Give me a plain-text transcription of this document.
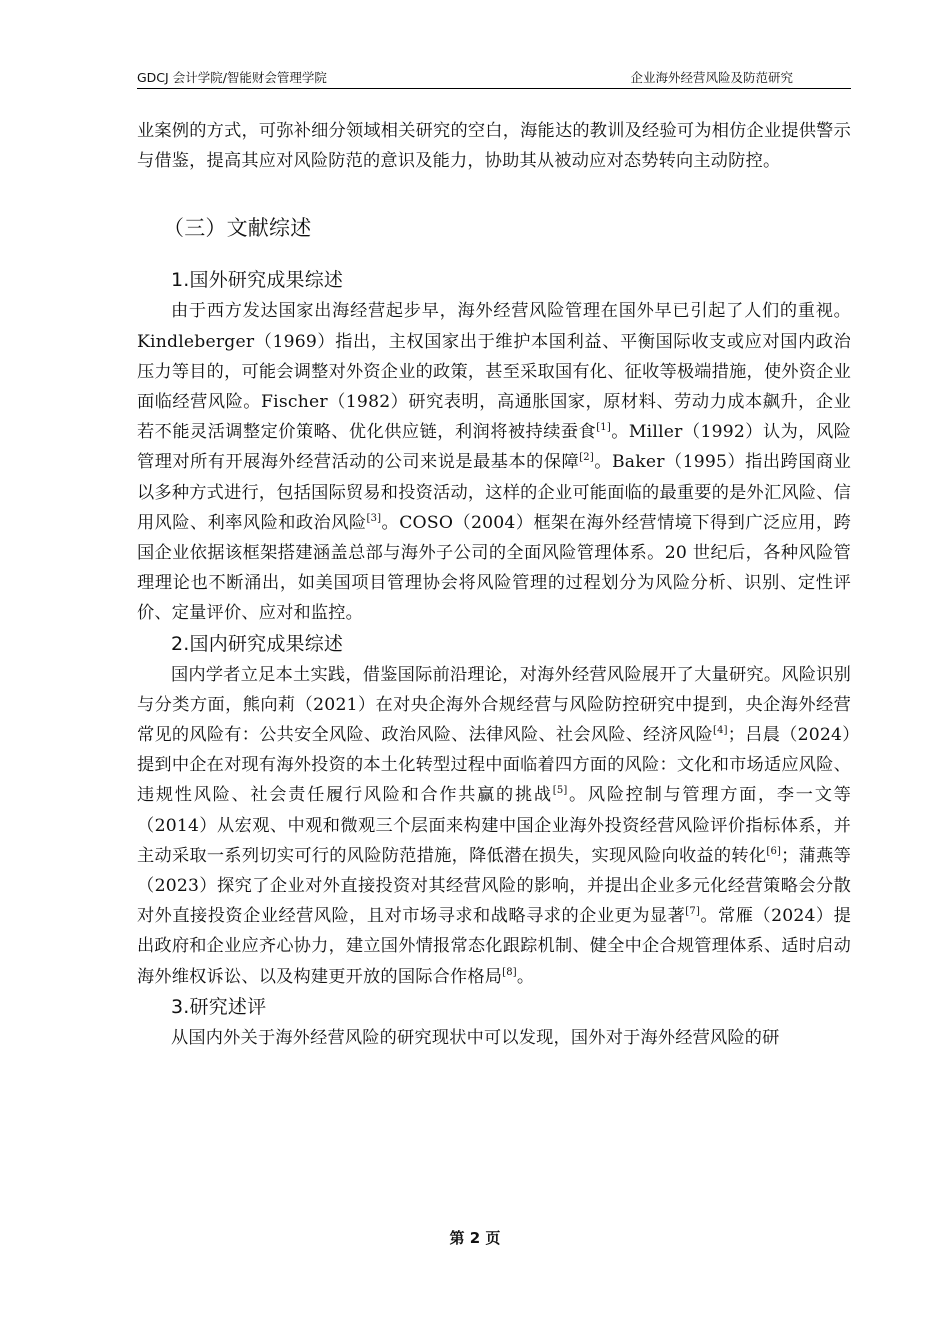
GDCJ 会计学院/智能财会管理学院	企业海外经营风险及防范研究

业案例的方式，可弥补细分领域相关研究的空白，海能达的教训及经验可为相仿企业提供警示与借鉴，提高其应对风险防范的意识及能力，协助其从被动应对态势转向主动防控。

（三）文献综述
1.国外研究成果综述

由于西方发达国家出海经营起步早，海外经营风险管理在国外早已引起了人们的重视。Kindleberger（1969）指出，主权国家出于维护本国利益、平衡国际收支或应对国内政治压力等目的，可能会调整对外资企业的政策，甚至采取国有化、征收等极端措施，使外资企业面临经营风险。Fischer（1982）研究表明，高通胀国家，原材料、劳动力成本飙升，企业若不能灵活调整定价策略、优化供应链，利润将被持续蚕食[1]。Miller（1992）认为，风险管理对所有开展海外经营活动的公司来说是最基本的保障[2]。Baker（1995）指出跨国商业以多种方式进行，包括国际贸易和投资活动，这样的企业可能面临的最重要的是外汇风险、信用风险、利率风险和政治风险[3]。COSO（2004）框架在海外经营情境下得到广泛应用，跨国企业依据该框架搭建涵盖总部与海外子公司的全面风险管理体系。20 世纪后，各种风险管理理论也不断涌出，如美国项目管理协会将风险管理的过程划分为风险分析、识别、定性评价、定量评价、应对和监控。

2.国内研究成果综述

国内学者立足本土实践，借鉴国际前沿理论，对海外经营风险展开了大量研究。风险识别与分类方面，熊向莉（2021）在对央企海外合规经营与风险防控研究中提到，央企海外经营常见的风险有：公共安全风险、政治风险、法律风险、社会风险、经济风险[4]；吕晨（2024）提到中企在对现有海外投资的本土化转型过程中面临着四方面的风险：文化和市场适应风险、违规性风险、社会责任履行风险和合作共赢的挑战[5]。风险控制与管理方面，李一文等（2014）从宏观、中观和微观三个层面来构建中国企业海外投资经营风险评价指标体系，并主动采取一系列切实可行的风险防范措施，降低潜在损失，实现风险向收益的转化[6]；蒲燕等（2023）探究了企业对外直接投资对其经营风险的影响，并提出企业多元化经营策略会分散对外直接投资企业经营风险，且对市场寻求和战略寻求的企业更为显著[7]。常雁（2024）提出政府和企业应齐心协力，建立国外情报常态化跟踪机制、健全中企合规管理体系、适时启动海外维权诉讼、以及构建更开放的国际合作格局[8]。

3.研究述评

从国内外关于海外经营风险的研究现状中可以发现，国外对于海外经营风险的研

第 2 页
